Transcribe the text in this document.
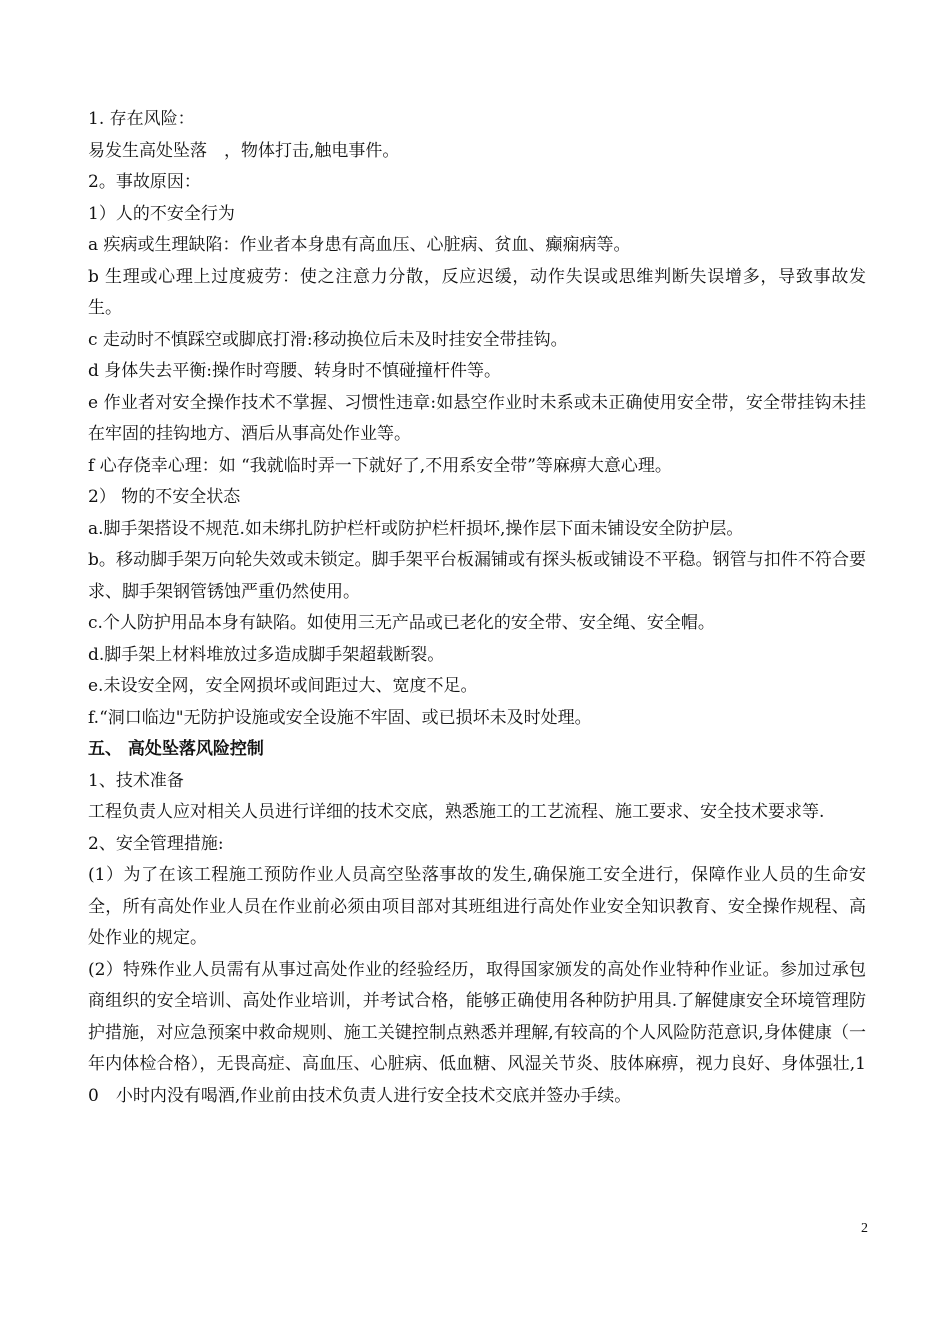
1. 存在风险：

易发生高处坠落　，物体打击,触电事件。

2。事故原因：

1）人的不安全行为

a 疾病或生理缺陷：作业者本身患有高血压、心脏病、贫血、癫痫病等。

b 生理或心理上过度疲劳：使之注意力分散，反应迟缓，动作失误或思维判断失误增多，导致事故发生。

c 走动时不慎踩空或脚底打滑:移动换位后未及时挂安全带挂钩。

d 身体失去平衡:操作时弯腰、转身时不慎碰撞杆件等。

e 作业者对安全操作技术不掌握、习惯性违章:如悬空作业时未系或未正确使用安全带，安全带挂钩未挂在牢固的挂钩地方、酒后从事高处作业等。

f 心存侥幸心理：如 “我就临时弄一下就好了,不用系安全带”等麻痹大意心理。

2） 物的不安全状态

a.脚手架搭设不规范.如未绑扎防护栏杆或防护栏杆损坏,操作层下面未铺设安全防护层。

b。移动脚手架万向轮失效或未锁定。脚手架平台板漏铺或有探头板或铺设不平稳。钢管与扣件不符合要求、脚手架钢管锈蚀严重仍然使用。

c.个人防护用品本身有缺陷。如使用三无产品或已老化的安全带、安全绳、安全帽。

d.脚手架上材料堆放过多造成脚手架超载断裂。

e.未设安全网，安全网损坏或间距过大、宽度不足。

f.“洞口临边"无防护设施或安全设施不牢固、或已损坏未及时处理。

五、 高处坠落风险控制

1、技术准备

工程负责人应对相关人员进行详细的技术交底，熟悉施工的工艺流程、施工要求、安全技术要求等.

2、安全管理措施:

(1）为了在该工程施工预防作业人员高空坠落事故的发生,确保施工安全进行，保障作业人员的生命安全，所有高处作业人员在作业前必须由项目部对其班组进行高处作业安全知识教育、安全操作规程、高处作业的规定。

(2）特殊作业人员需有从事过高处作业的经验经历，取得国家颁发的高处作业特种作业证。参加过承包商组织的安全培训、高处作业培训，并考试合格，能够正确使用各种防护用具.了解健康安全环境管理防护措施，对应急预案中救命规则、施工关键控制点熟悉并理解,有较高的个人风险防范意识,身体健康（一年内体检合格），无畏高症、高血压、心脏病、低血糖、风湿关节炎、肢体麻痹，视力良好、身体强壮,10　小时内没有喝酒,作业前由技术负责人进行安全技术交底并签办手续。

2
